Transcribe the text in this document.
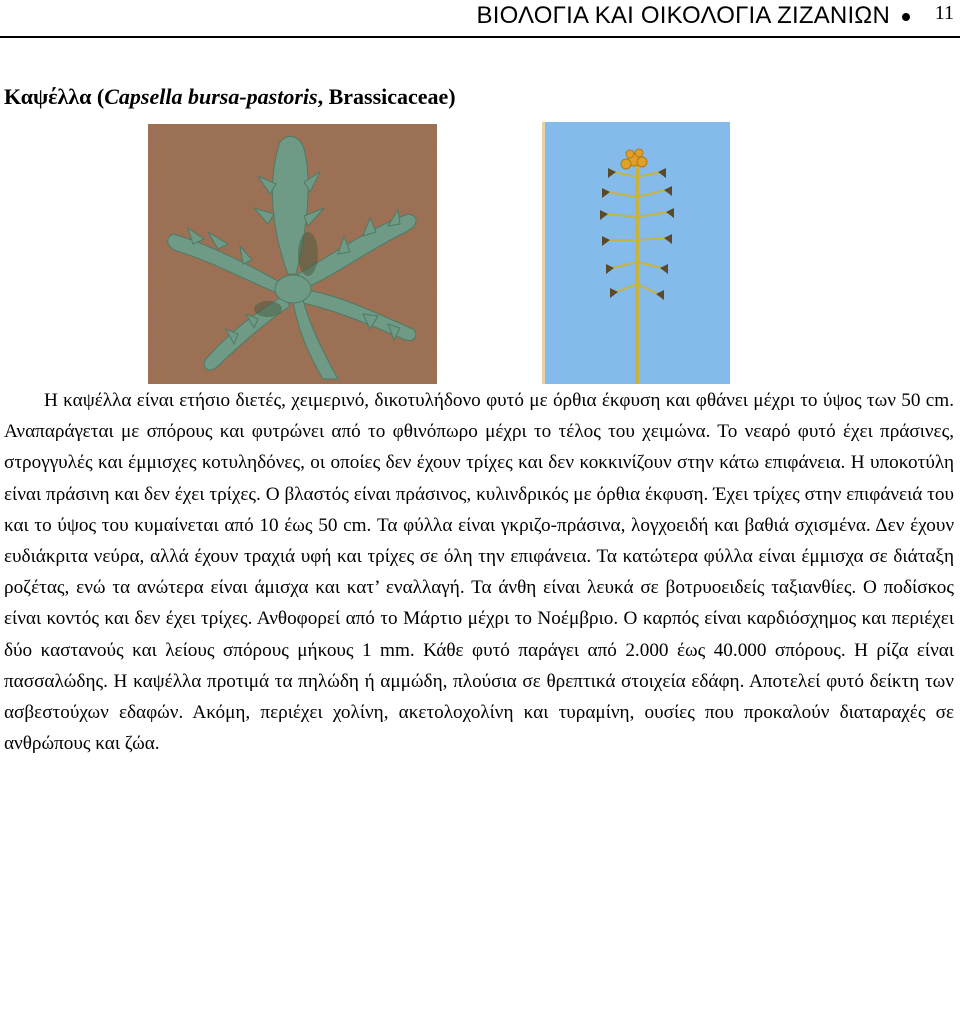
ΒΙΟΛΟΓΙΑ ΚΑΙ ΟΙΚΟΛΟΓΙΑ ΖΙΖΑΝΙΩΝ 11
Καψέλλα (Capsella bursa-pastoris, Brassicaceae)

Η καψέλλα είναι ετήσιο διετές, χειμερινό, δικοτυλήδονο φυτό με όρθια έκφυση και φθάνει μέχρι το ύψος των 50 cm. Αναπαράγεται με σπόρους και φυτρώνει από το φθινόπωρο μέχρι το τέλος του χειμώνα. Το νεαρό φυτό έχει πράσινες, στρογγυλές και έμμισχες κοτυληδόνες, οι οποίες δεν έχουν τρίχες και δεν κοκκινίζουν στην κάτω επιφάνεια. Η υποκοτύλη είναι πράσινη και δεν έχει τρίχες. Ο βλαστός είναι πράσινος, κυλινδρικός με όρθια έκφυση. Έχει τρίχες στην επιφάνειά του και το ύψος του κυμαίνεται από 10 έως 50 cm. Τα φύλλα είναι γκριζο-πράσινα, λογχοειδή και βαθιά σχισμένα. Δεν έχουν ευδιάκριτα νεύρα, αλλά έχουν τραχιά υφή και τρίχες σε όλη την επιφάνεια. Τα κατώτερα φύλλα είναι έμμισχα σε διάταξη ροζέτας, ενώ τα ανώτερα είναι άμισχα και κατ’ εναλλαγή. Τα άνθη είναι λευκά σε βοτρυοειδείς ταξιανθίες. Ο ποδίσκος είναι κοντός και δεν έχει τρίχες. Ανθοφορεί από το Μάρτιο μέχρι το Νοέμβριο. Ο καρπός είναι καρδιόσχημος και περιέχει δύο καστανούς και λείους σπόρους μήκους 1 mm. Κάθε φυτό παράγει από 2.000 έως 40.000 σπόρους. Η ρίζα είναι πασσαλώδης. Η καψέλλα προτιμά τα πηλώδη ή αμμώδη, πλούσια σε θρεπτικά στοιχεία εδάφη. Αποτελεί φυτό δείκτη των ασβεστούχων εδαφών. Ακόμη, περιέχει χολίνη, ακετολοχολίνη και τυραμίνη, ουσίες που προκαλούν διαταραχές σε ανθρώπους και ζώα.
